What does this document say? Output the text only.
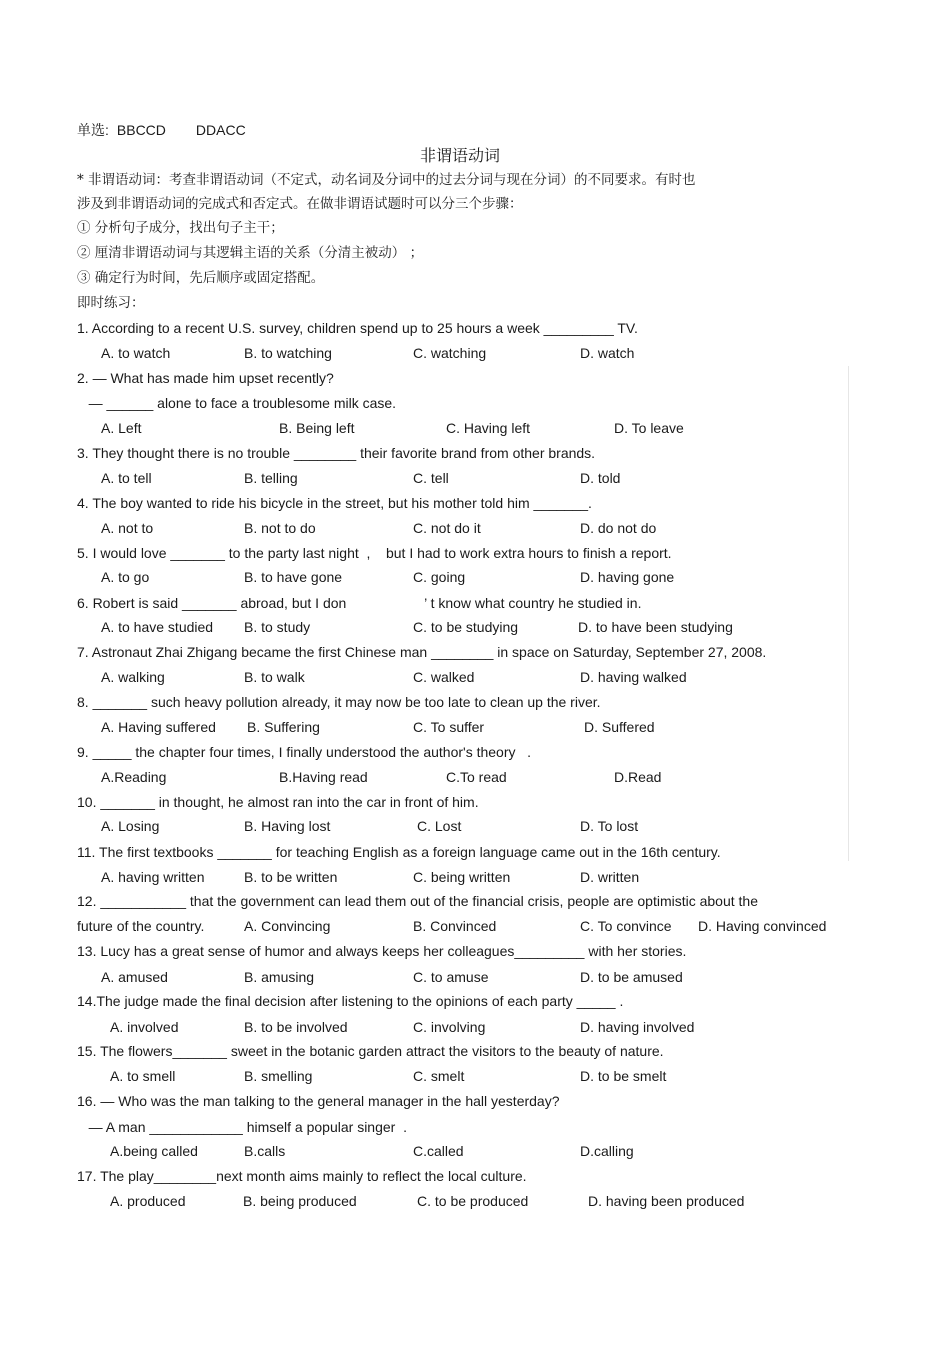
单选: BBCCD DDACC
非谓语动词
* 非谓语动词：考查非谓语动词（不定式，动名词及分词中的过去分词与现在分词）的不同要求。有时也
涉及到非谓语动词的完成式和否定式。在做非谓语试题时可以分三个步骤：
① 分析句子成分，找出句子主干；
② 厘清非谓语动词与其逻辑主语的关系（分清主被动） ；
③ 确定行为时间，先后顺序或固定搭配。
即时练习：
1. According to a recent U.S. survey, children spend up to 25 hours a week _________ TV.
A. to watch	B. to watching	C. watching	D. watch
2. — What has made him upset recently?
— ______ alone to face a troublesome milk case.
A. Left	B. Being left	C. Having left	D. To leave
3. They thought there is no trouble ________ their favorite brand from other brands.
A. to tell	B. telling	C. tell	D. told
4. The boy wanted to ride his bicycle in the street, but his mother told him _______.
A. not to	B. not to do	C. not do it	D. do not do
5. I would love _______ to the party last night  ,    but I had to work extra hours to finish a report.
A. to go	B. to have gone	C. going	D. having gone
6. Robert is said _______ abroad, but I don                    ’ t know what country he studied in.
A. to have studied B. to study	C. to be studying	D. to have been studying
7. Astronaut Zhai Zhigang became the first Chinese man ________ in space on Saturday, September 27, 2008.
A. walking	B. to walk	C. walked	D. having walked
8. _______ such heavy pollution already, it may now be too late to clean up the river.
A. Having suffered B. Suffering	C. To suffer	D. Suffered
9. _____ the chapter four times, I finally understood the author's theory   .
A.Reading	B.Having read	C.To read	D.Read
10. _______ in thought, he almost ran into the car in front of him.
A. Losing	B. Having lost	C. Lost	D. To lost
11. The first textbooks _______ for teaching English as a foreign language came out in the 16th century.
A. having written	B. to be written	C. being written	D. written
12. ___________ that the government can lead them out of the financial crisis, people are optimistic about the
future of the country.	A. Convincing	B. Convinced	C. To convince D. Having convinced
13. Lucy has a great sense of humor and always keeps her colleagues_________ with her stories.
A. amused	B. amusing	C. to amuse	D. to be amused
14.The judge made the final decision after listening to the opinions of each party _____ .
A. involved	B. to be involved	C. involving	D. having involved
15. The flowers_______ sweet in the botanic garden attract the visitors to the beauty of nature.
A. to smell	B. smelling	C. smelt	D. to be smelt
16. — Who was the man talking to the general manager in the hall yesterday?
— A man ____________ himself a popular singer  .
A.being called	B.calls	C.called	D.calling
17. The play________next month aims mainly to reflect the local culture.
A. produced	B. being produced	C. to be produced	D. having been produced
